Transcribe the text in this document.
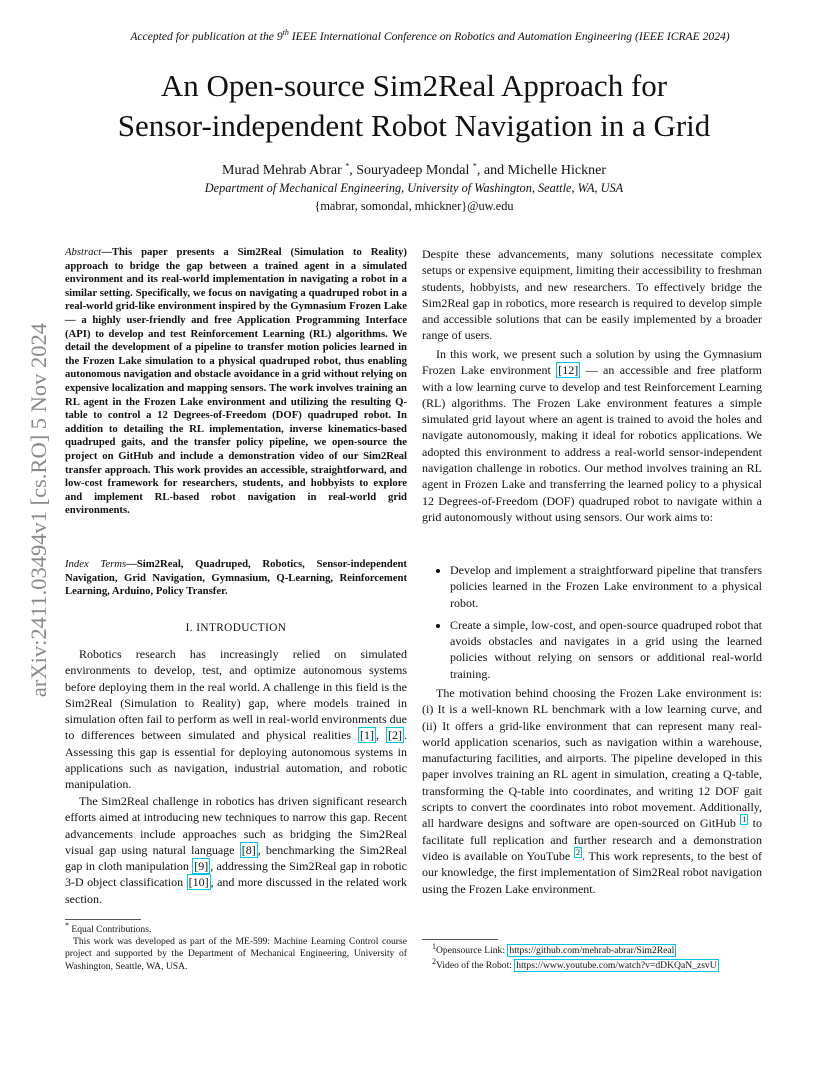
Accepted for publication at the 9th IEEE International Conference on Robotics and Automation Engineering (IEEE ICRAE 2024)
An Open-source Sim2Real Approach for
Sensor-independent Robot Navigation in a Grid
Murad Mehrab Abrar *, Souryadeep Mondal *, and Michelle Hickner
Department of Mechanical Engineering, University of Washington, Seattle, WA, USA
{mabrar, somondal, mhickner}@uw.edu
arXiv:2411.03494v1 [cs.RO] 5 Nov 2024
Abstract—This paper presents a Sim2Real (Simulation to Reality) approach to bridge the gap between a trained agent in a simulated environment and its real-world implementation in navigating a robot in a similar setting. Specifically, we focus on navigating a quadruped robot in a real-world grid-like environment inspired by the Gymnasium Frozen Lake — a highly user-friendly and free Application Programming Interface (API) to develop and test Reinforcement Learning (RL) algorithms. We detail the development of a pipeline to transfer motion policies learned in the Frozen Lake simulation to a physical quadruped robot, thus enabling autonomous navigation and obstacle avoidance in a grid without relying on expensive localization and mapping sensors. The work involves training an RL agent in the Frozen Lake environment and utilizing the resulting Q-table to control a 12 Degrees-of-Freedom (DOF) quadruped robot. In addition to detailing the RL implementation, inverse kinematics-based quadruped gaits, and the transfer policy pipeline, we open-source the project on GitHub and include a demonstration video of our Sim2Real transfer approach. This work provides an accessible, straightforward, and low-cost framework for researchers, students, and hobbyists to explore and implement RL-based robot navigation in real-world grid environments.
Index Terms—Sim2Real, Quadruped, Robotics, Sensor-independent Navigation, Grid Navigation, Gymnasium, Q-Learning, Reinforcement Learning, Arduino, Policy Transfer.
I. INTRODUCTION
Robotics research has increasingly relied on simulated environments to develop, test, and optimize autonomous systems before deploying them in the real world. A challenge in this field is the Sim2Real (Simulation to Reality) gap, where models trained in simulation often fail to perform as well in real-world environments due to differences between simulated and physical realities [1] , [2] . Assessing this gap is essential for deploying autonomous systems in applications such as navigation, industrial automation, and robotic manipulation.
The Sim2Real challenge in robotics has driven significant research efforts aimed at introducing new techniques to narrow this gap. Recent advancements include approaches such as bridging the Sim2Real visual gap using natural language [8] , benchmarking the Sim2Real gap in cloth manipulation [9] , addressing the Sim2Real gap in robotic 3-D object classification [10] , and more discussed in the related work section.
* Equal Contributions.
This work was developed as part of the ME-599: Machine Learning Control course project and supported by the Department of Mechanical Engineering, University of Washington, Seattle, WA, USA.
Despite these advancements, many solutions necessitate complex setups or expensive equipment, limiting their accessibility to freshman students, hobbyists, and new researchers. To effectively bridge the Sim2Real gap in robotics, more research is required to develop simple and accessible solutions that can be easily implemented by a broader range of users.
In this work, we present such a solution by using the Gymnasium Frozen Lake environment [12] — an accessible and free platform with a low learning curve to develop and test Reinforcement Learning (RL) algorithms. The Frozen Lake environment features a simple simulated grid layout where an agent is trained to avoid the holes and navigate autonomously, making it ideal for robotics applications. We adopted this environment to address a real-world sensor-independent navigation challenge in robotics. Our method involves training an RL agent in Frozen Lake and transferring the learned policy to a physical 12 Degrees-of-Freedom (DOF) quadruped robot to navigate within a grid autonomously without using sensors. Our work aims to:
• Develop and implement a straightforward pipeline that transfers policies learned in the Frozen Lake environment to a physical robot.
• Create a simple, low-cost, and open-source quadruped robot that avoids obstacles and navigates in a grid using the learned policies without relying on sensors or additional real-world training.
The motivation behind choosing the Frozen Lake environment is: (i) It is a well-known RL benchmark with a low learning curve, and (ii) It offers a grid-like environment that can represent many real-world application scenarios, such as navigation within a warehouse, manufacturing facilities, and airports. The pipeline developed in this paper involves training an RL agent in simulation, creating a Q-table, transforming the Q-table into coordinates, and writing 12 DOF gait scripts to convert the coordinates into robot movement. Additionally, all hardware designs and software are open-sourced on GitHub $^1$ to facilitate full replication and further research and a demonstration video is available on YouTube $^2$ . This work represents, to the best of our knowledge, the first implementation of Sim2Real robot navigation using the Frozen Lake environment.
$^1$Opensource Link: https://github.com/mehrab-abrar/Sim2Real
$^2$Video of the Robot: https://www.youtube.com/watch?v=dDKQaN_zsvU
